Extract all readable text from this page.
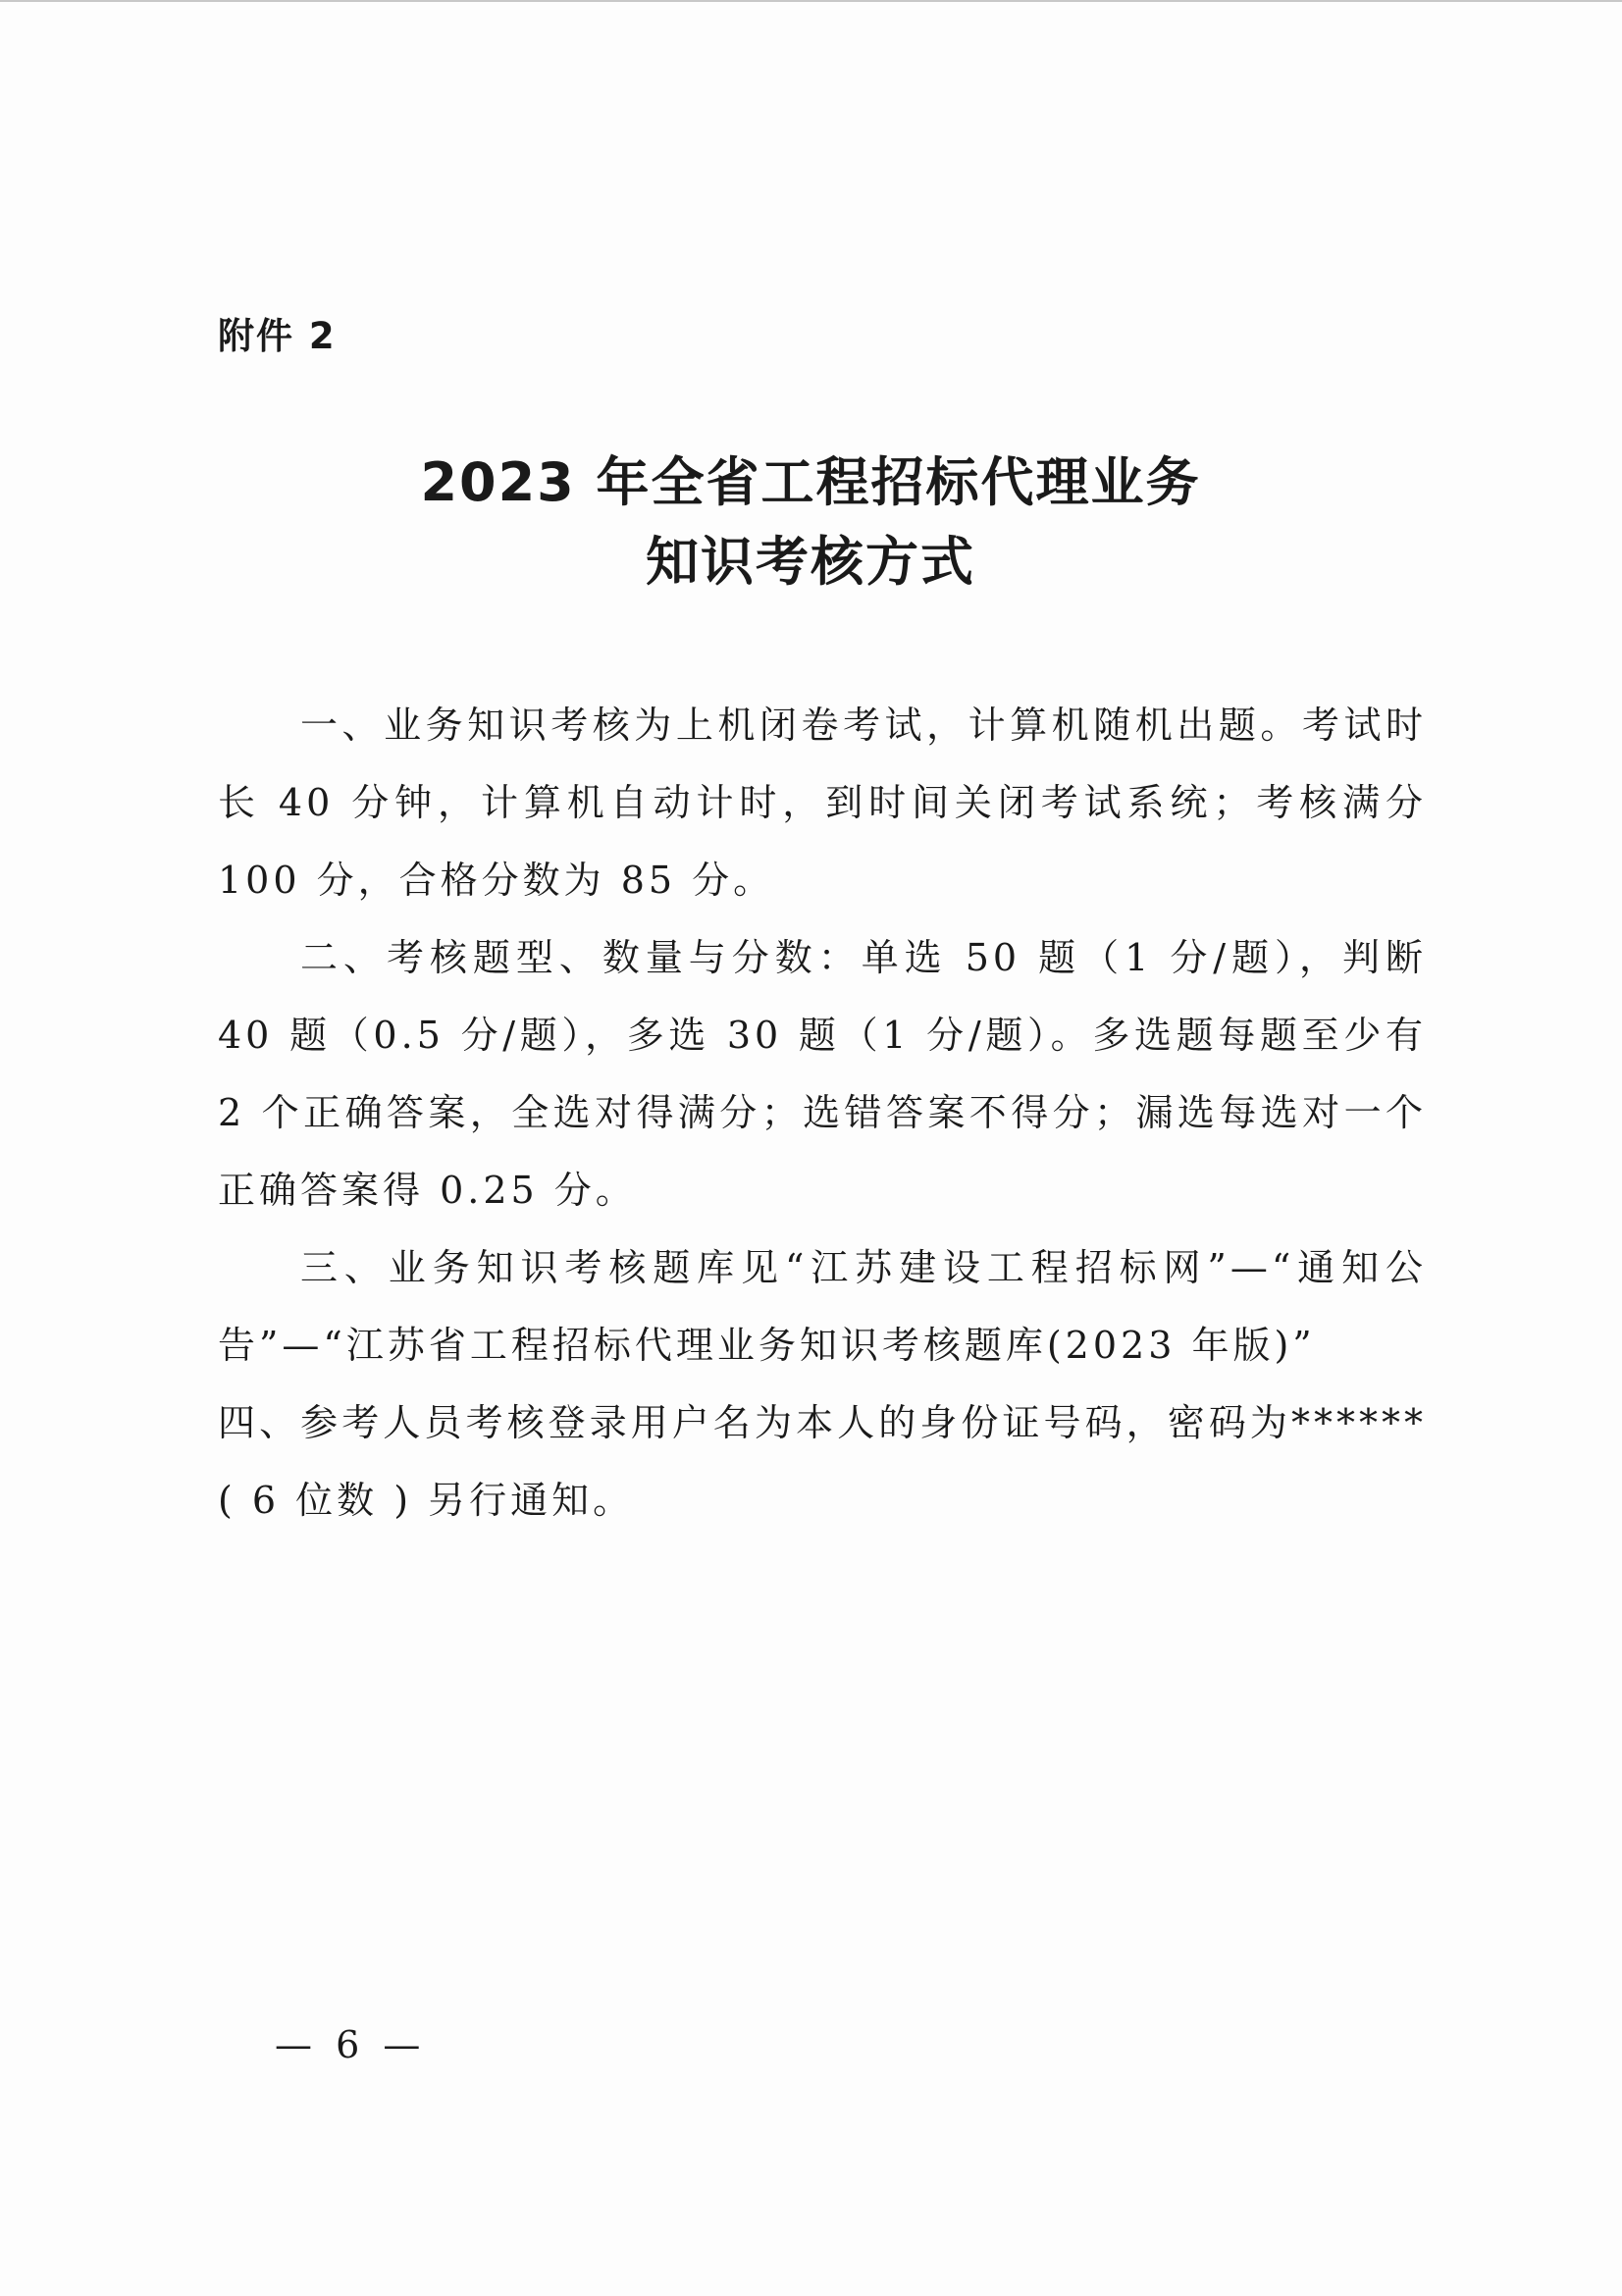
附件 2
2023 年全省工程招标代理业务
知识考核方式

一、业务知识考核为上机闭卷考试，计算机随机出题。考试时长 40 分钟，计算机自动计时，到时间关闭考试系统；考核满分 100 分，合格分数为 85 分。

二、考核题型、数量与分数：单选 50 题（1 分/题），判断 40 题（0.5 分/题），多选 30 题（1 分/题）。多选题每题至少有 2 个正确答案，全选对得满分；选错答案不得分；漏选每选对一个正确答案得 0.25 分。

三、业务知识考核题库见“江苏建设工程招标网”—“通知公告”—“江苏省工程招标代理业务知识考核题库(2023 年版)”

四、参考人员考核登录用户名为本人的身份证号码，密码为****** ( 6 位数 ) 另行通知。

— 6 —
